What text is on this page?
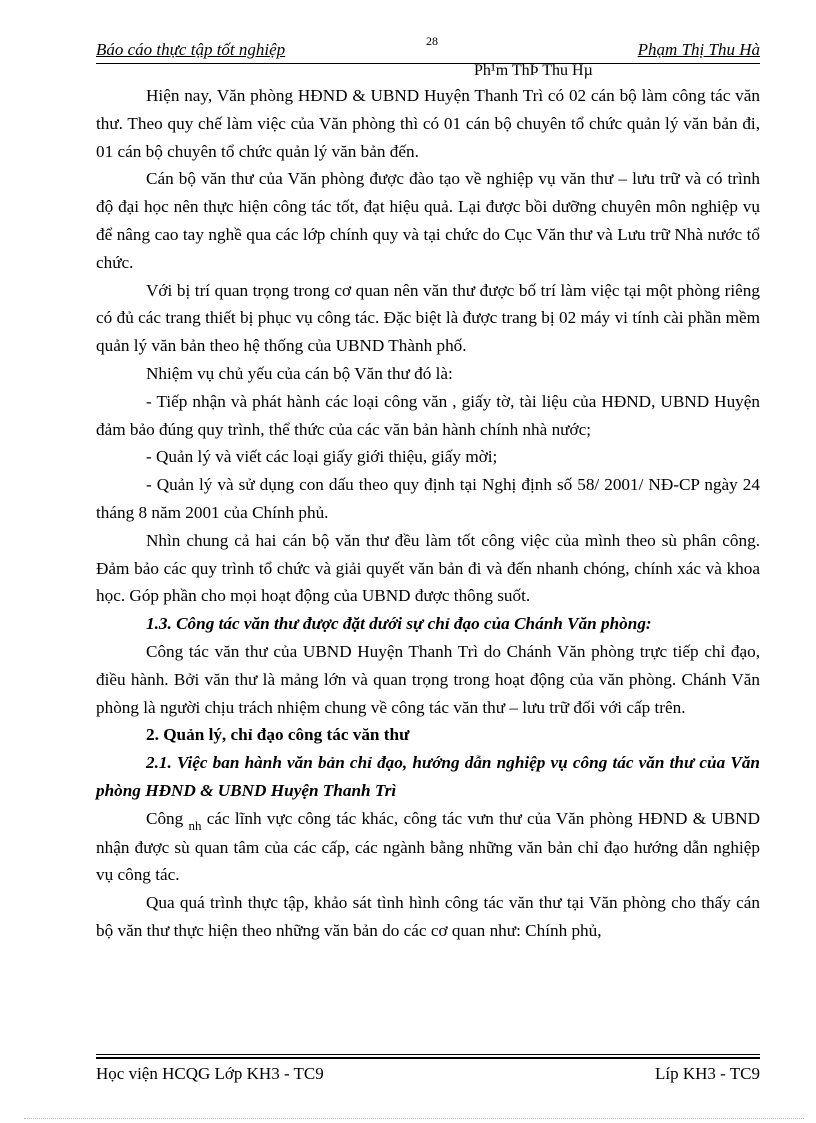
Báo cáo thực tập tốt nghiệp	28	Phạm Thị Thu Hà
Ph¹m ThÞ Thu Hµ

Hiện nay, Văn phòng HĐND & UBND Huyện Thanh Trì có 02 cán bộ làm công tác văn thư. Theo quy chế làm việc của Văn phòng thì có 01 cán bộ chuyên tổ chức quản lý văn bản đi, 01 cán bộ chuyên tổ chức quản lý văn bản đến.

Cán bộ văn thư của Văn phòng được đào tạo về nghiệp vụ văn thư – lưu trữ và có trình độ đại học nên thực hiện công tác tốt, đạt hiệu quả. Lại được bồi dưỡng chuyên môn nghiệp vụ để nâng cao tay nghề qua các lớp chính quy và tại chức do Cục Văn thư và Lưu trữ Nhà nước tổ chức.

Với bị trí quan trọng trong cơ quan nên văn thư được bố trí làm việc tại một phòng riêng có đủ các trang thiết bị phục vụ công tác. Đặc biệt là được trang bị 02 máy vi tính cài phần mềm quản lý văn bản theo hệ thống của UBND Thành phố.

Nhiệm vụ chủ yếu của cán bộ Văn thư đó là:

- Tiếp nhận và phát hành các loại công văn , giấy tờ, tài liệu của HĐND, UBND Huyện đảm bảo đúng quy trình, thể thức của các văn bản hành chính nhà nước;

- Quản lý và viết các loại giấy giới thiệu, giấy mời;

- Quản lý và sử dụng con dấu theo quy định tại Nghị định số 58/ 2001/ NĐ-CP ngày 24 tháng 8 năm 2001 của Chính phủ.

Nhìn chung cả hai cán bộ văn thư đều làm tốt công việc của mình theo sù phân công. Đảm bảo các quy trình tổ chức và giải quyết văn bản đi và đến nhanh chóng, chính xác và khoa học. Góp phần cho mọi hoạt động của UBND được thông suốt.

1.3. Công tác văn thư được đặt dưới sự chỉ đạo của Chánh Văn phòng:

Công tác văn thư của UBND Huyện Thanh Trì do Chánh Văn phòng trực tiếp chỉ đạo, điều hành. Bởi văn thư là mảng lớn và quan trọng trong hoạt động của văn phòng. Chánh Văn phòng là người chịu trách nhiệm chung về công tác văn thư – lưu trữ đối với cấp trên.

2. Quản lý, chỉ đạo công tác văn thư

2.1. Việc ban hành văn bản chỉ đạo, hướng dẫn nghiệp vụ công tác văn thư của Văn phòng HĐND & UBND Huyện Thanh Trì

Công $_{nh}$ các lĩnh vực công tác khác, công tác vưn thư của Văn phòng HĐND & UBND nhận được sù quan tâm của các cấp, các ngành bằng những văn bản chỉ đạo hướng dẫn nghiệp vụ công tác.

Qua quá trình thực tập, khảo sát tình hình công tác văn thư tại Văn phòng cho thấy cán bộ văn thư thực hiện theo những văn bản do các cơ quan như: Chính phủ,

Học viện HCQG Lớp KH3 - TC9	Líp KH3 - TC9
